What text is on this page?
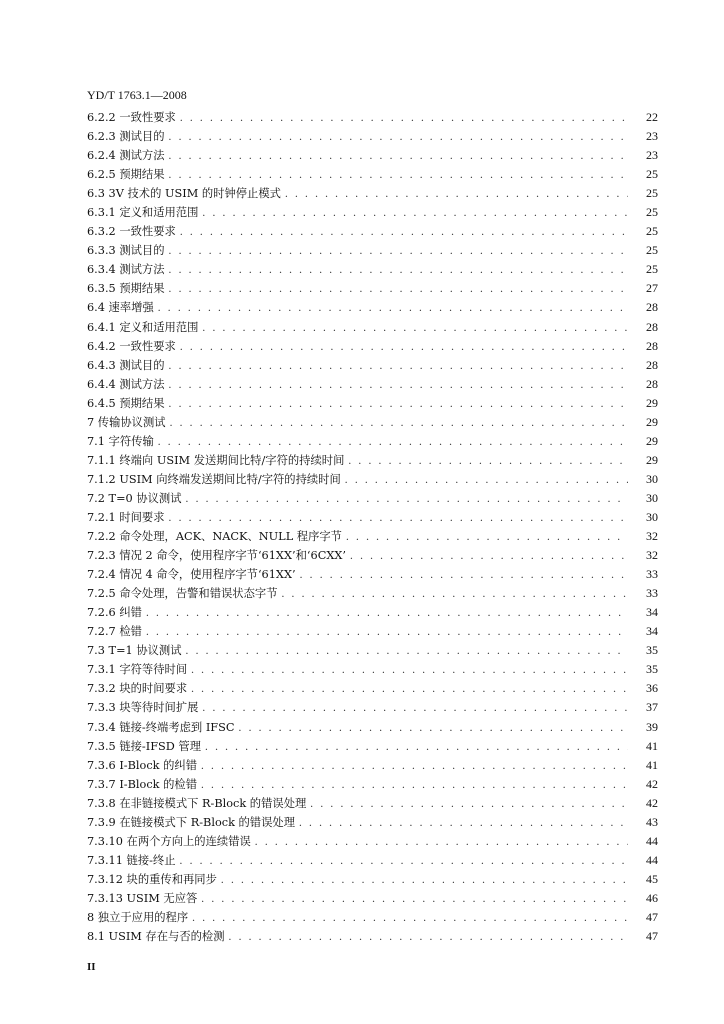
YD/T 1763.1—2008
6.2.2 一致性要求 . . .	22
6.2.3 测试目的 . . .	23
6.2.4 测试方法 . . .	23
6.2.5 预期结果 . . .	25
6.3 3V 技术的 USIM 的时钟停止模式 . . .	25
6.3.1 定义和适用范围 . . .	25
6.3.2 一致性要求 . . .	25
6.3.3 测试目的 . . .	25
6.3.4 测试方法 . . .	25
6.3.5 预期结果 . . .	27
6.4 速率增强 . . .	28
6.4.1 定义和适用范围 . . .	28
6.4.2 一致性要求 . . .	28
6.4.3 测试目的 . . .	28
6.4.4 测试方法 . . .	28
6.4.5 预期结果 . . .	29
7 传输协议测试 . . .	29
7.1 字符传输 . . .	29
7.1.1 终端向 USIM 发送期间比特/字符的持续时间 . . .	29
7.1.2 USIM 向终端发送期间比特/字符的持续时间 . . .	30
7.2 T=0 协议测试 . . .	30
7.2.1 时间要求 . . .	30
7.2.2 命令处理，ACK、NACK、NULL 程序字节 . . .	32
7.2.3 情况 2 命令，使用程序字节‘61XX’和‘6CXX’ . . .	32
7.2.4 情况 4 命令，使用程序字节‘61XX’ . . .	33
7.2.5 命令处理，告警和错误状态字节 . . .	33
7.2.6 纠错 . . .	34
7.2.7 检错 . . .	34
7.3 T=1 协议测试 . . .	35
7.3.1 字符等待时间 . . .	35
7.3.2 块的时间要求 . . .	36
7.3.3 块等待时间扩展 . . .	37
7.3.4 链接-终端考虑到 IFSC . . .	39
7.3.5 链接-IFSD 管理 . . .	41
7.3.6 I-Block 的纠错 . . .	41
7.3.7 I-Block 的检错 . . .	42
7.3.8 在非链接模式下 R-Block 的错误处理 . . .	42
7.3.9 在链接模式下 R-Block 的错误处理 . . .	43
7.3.10 在两个方向上的连续错误 . . .	44
7.3.11 链接-终止 . . .	44
7.3.12 块的重传和再同步 . . .	45
7.3.13 USIM 无应答 . . .	46
8 独立于应用的程序 . . .	47
8.1 USIM 存在与否的检测 . . .	47
II
